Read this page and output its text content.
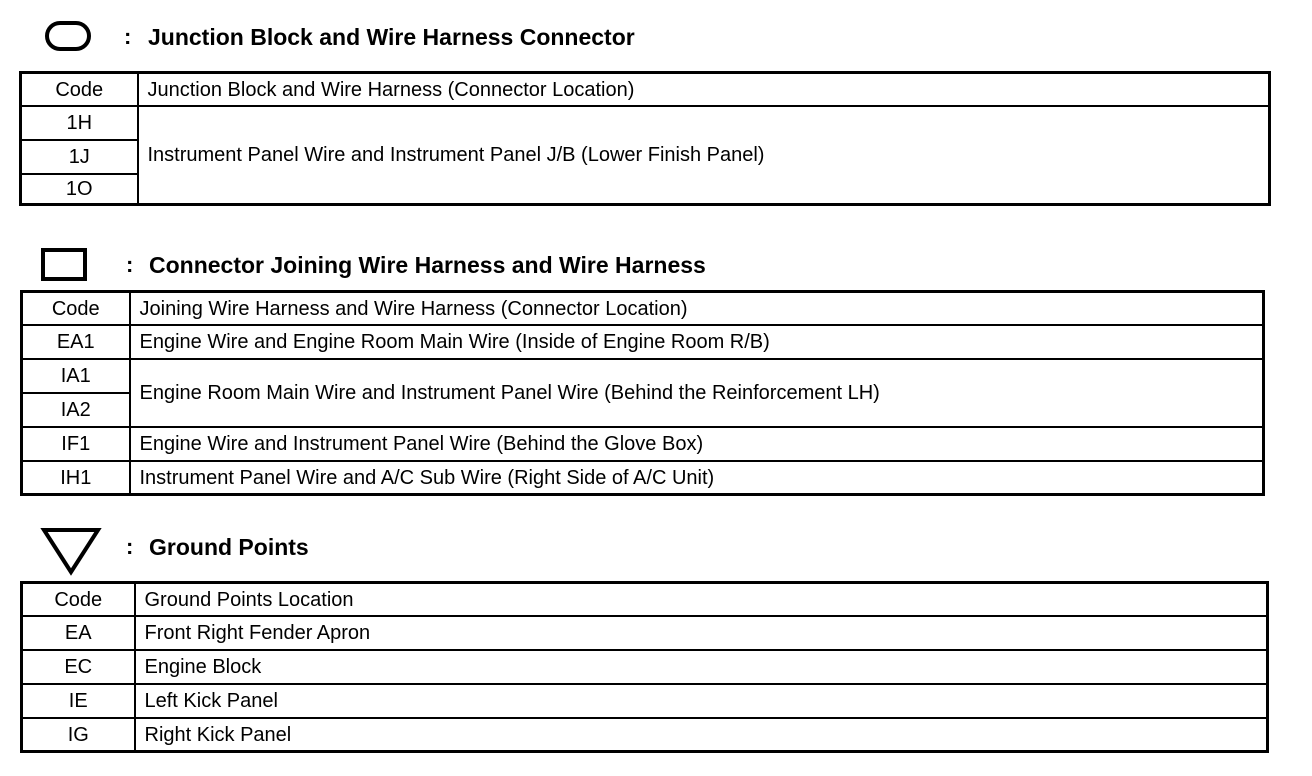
: Junction Block and Wire Harness Connector
Code	Junction Block and Wire Harness (Connector Location)
1H	Instrument Panel Wire and Instrument Panel J/B (Lower Finish Panel)
1J	
1O	
: Connector Joining Wire Harness and Wire Harness
Code	Joining Wire Harness and Wire Harness (Connector Location)
EA1	Engine Wire and Engine Room Main Wire (Inside of Engine Room R/B)
IA1	Engine Room Main Wire and Instrument Panel Wire (Behind the Reinforcement LH)
IA2	
IF1	Engine Wire and Instrument Panel Wire (Behind the Glove Box)
IH1	Instrument Panel Wire and A/C Sub Wire (Right Side of A/C Unit)
: Ground Points
Code	Ground Points Location
EA	Front Right Fender Apron
EC	Engine Block
IE	Left Kick Panel
IG	Right Kick Panel
